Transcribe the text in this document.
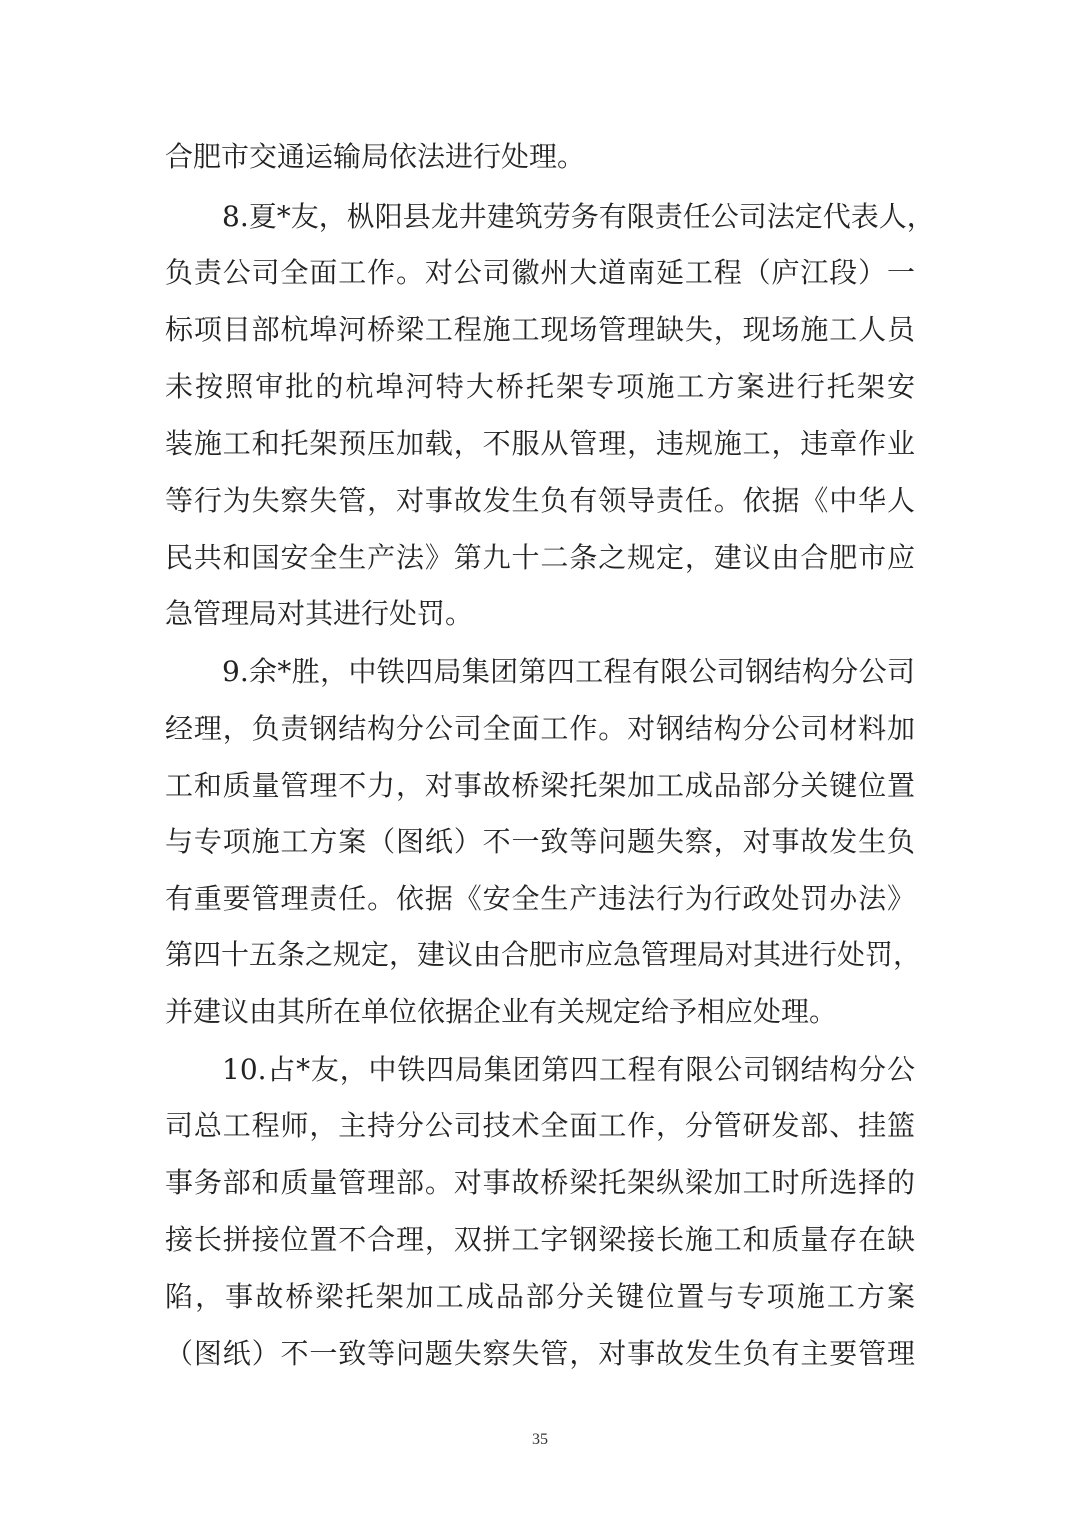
合肥市交通运输局依法进行处理。
8.夏*友，枞阳县龙井建筑劳务有限责任公司法定代表人，
负责公司全面工作。对公司徽州大道南延工程（庐江段）一
标项目部杭埠河桥梁工程施工现场管理缺失，现场施工人员
未按照审批的杭埠河特大桥托架专项施工方案进行托架安
装施工和托架预压加载，不服从管理，违规施工，违章作业
等行为失察失管，对事故发生负有领导责任。依据《中华人
民共和国安全生产法》第九十二条之规定，建议由合肥市应
急管理局对其进行处罚。
9.余*胜，中铁四局集团第四工程有限公司钢结构分公司
经理，负责钢结构分公司全面工作。对钢结构分公司材料加
工和质量管理不力，对事故桥梁托架加工成品部分关键位置
与专项施工方案（图纸）不一致等问题失察，对事故发生负
有重要管理责任。依据《安全生产违法行为行政处罚办法》
第四十五条之规定，建议由合肥市应急管理局对其进行处罚，
并建议由其所在单位依据企业有关规定给予相应处理。
10.占*友，中铁四局集团第四工程有限公司钢结构分公
司总工程师，主持分公司技术全面工作，分管研发部、挂篮
事务部和质量管理部。对事故桥梁托架纵梁加工时所选择的
接长拼接位置不合理，双拼工字钢梁接长施工和质量存在缺
陷，事故桥梁托架加工成品部分关键位置与专项施工方案
（图纸）不一致等问题失察失管，对事故发生负有主要管理
35
